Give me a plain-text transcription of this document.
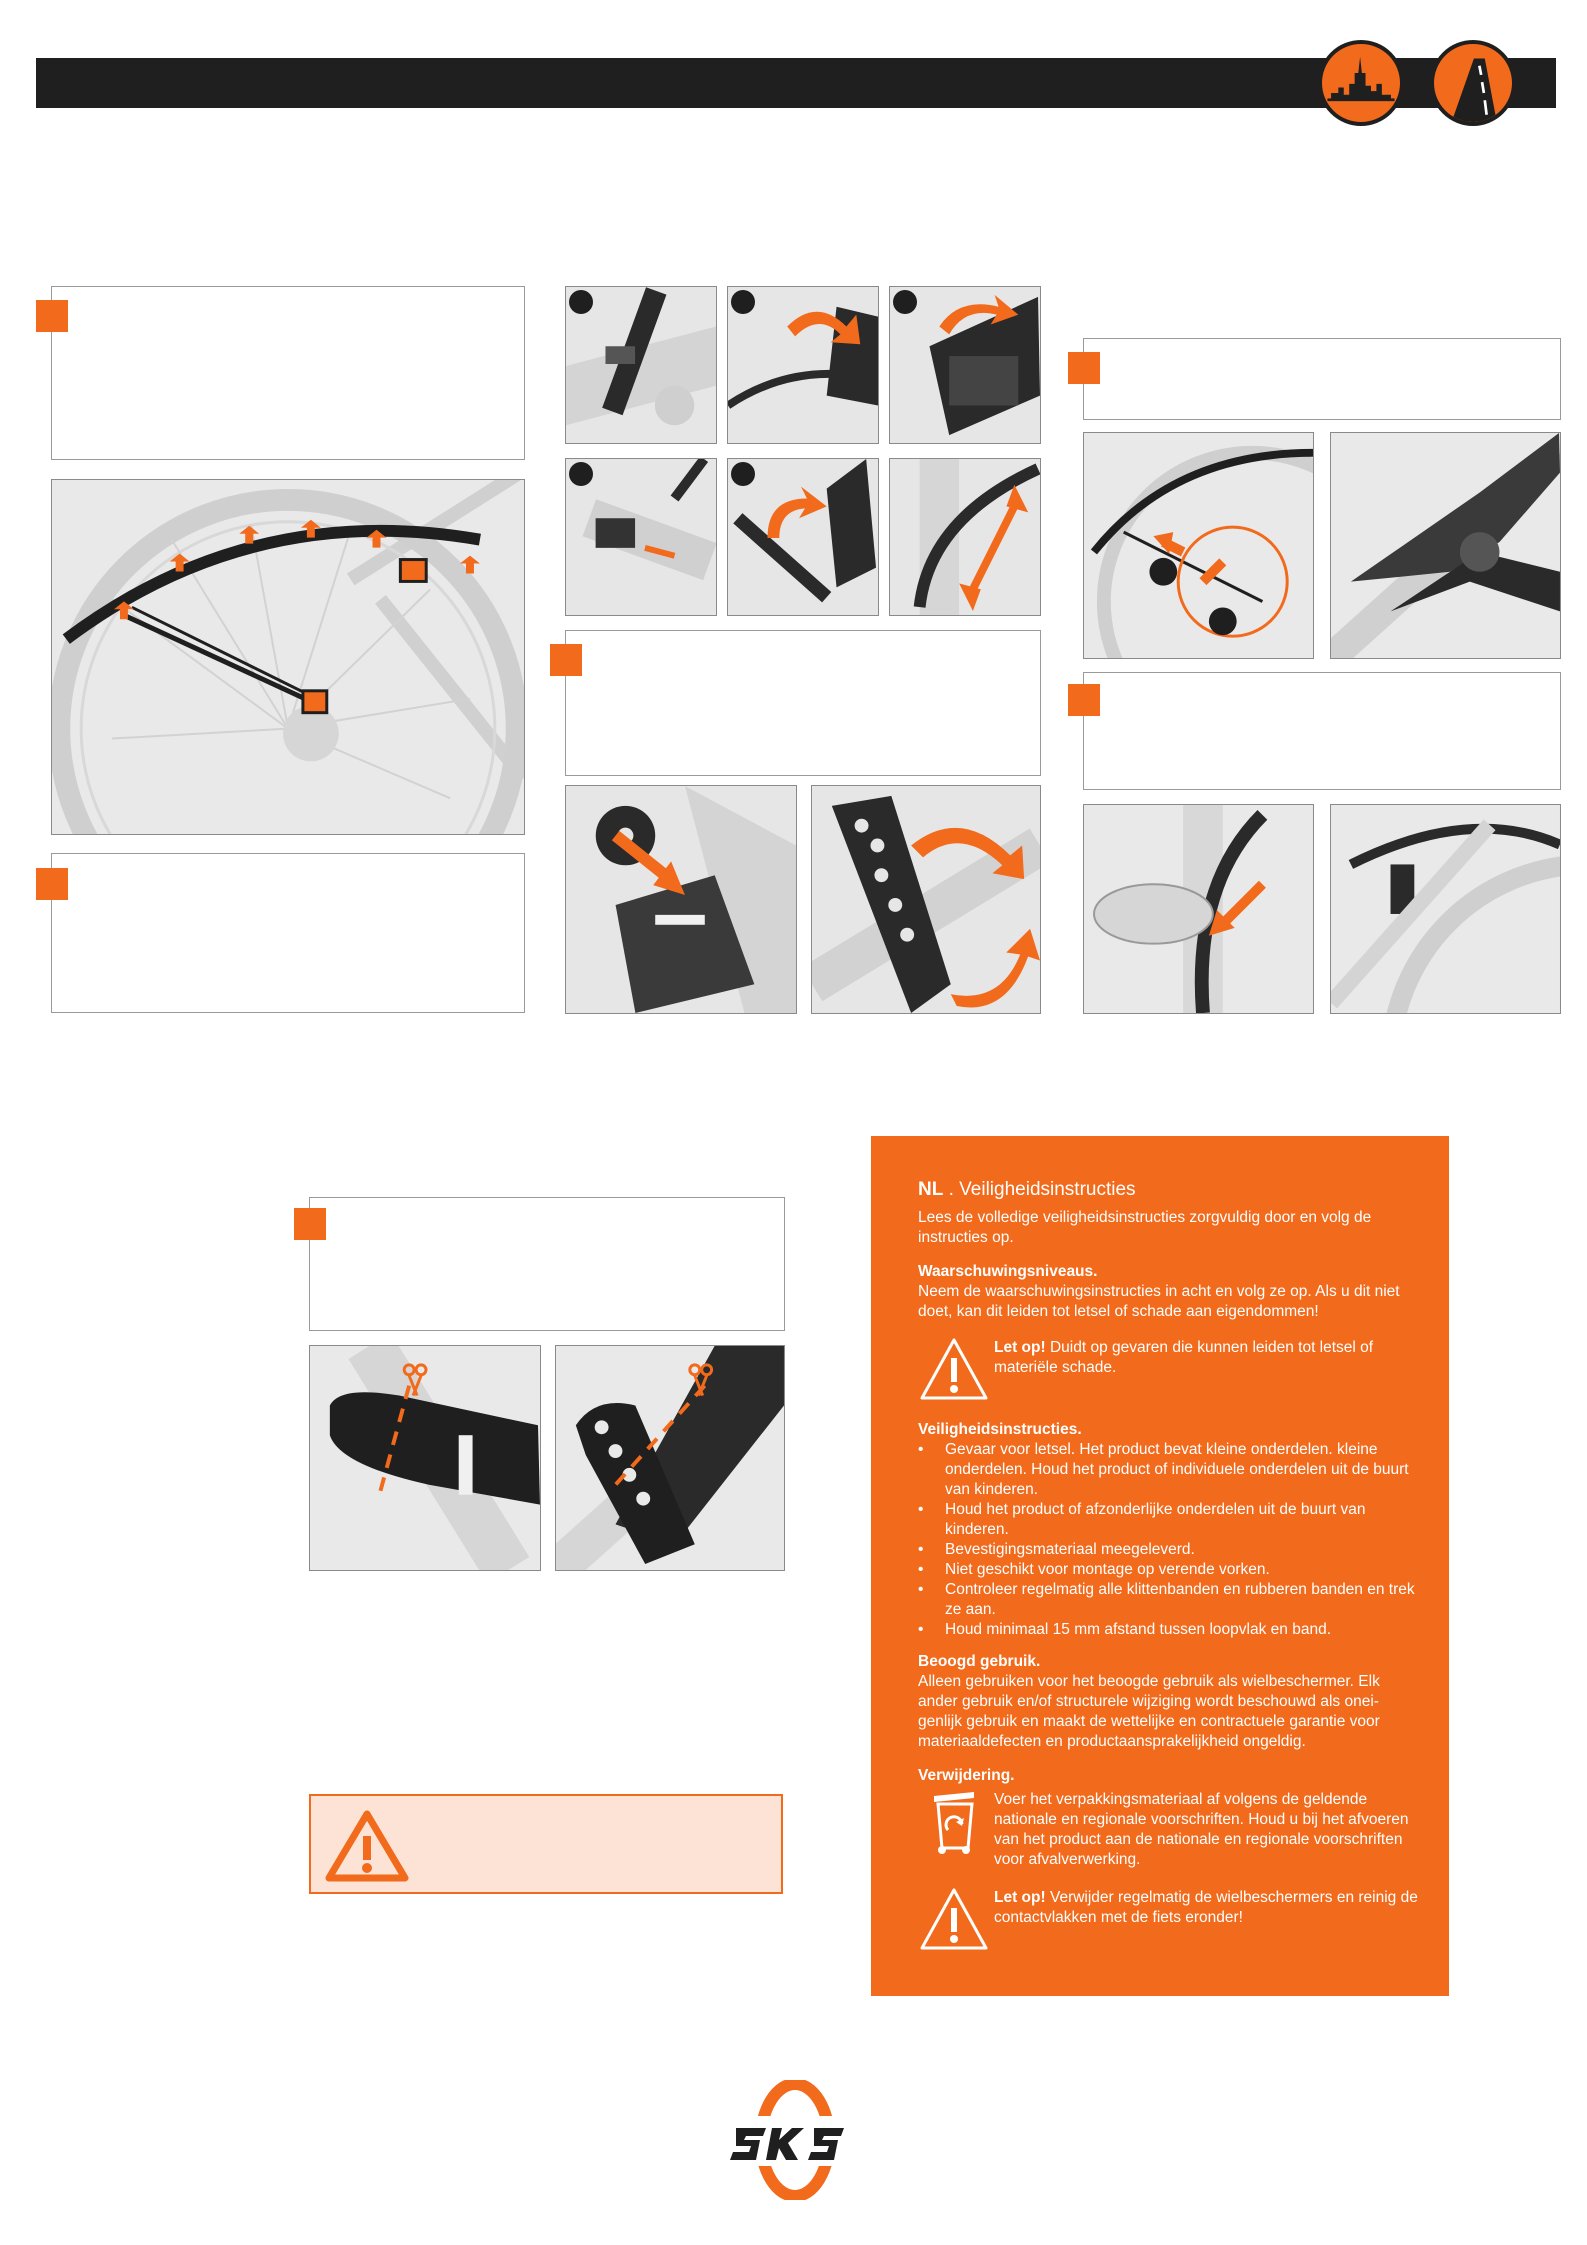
NL . Veiligheidsinstructies

Lees de volledige veiligheidsinstructies zorgvuldig door en volg de instructies op.

Waarschuwingsniveaus.

Neem de waarschuwingsinstructies in acht en volg ze op. Als u dit niet doet, kan dit leiden tot letsel of schade aan eigendommen!

Let op! Duidt op gevaren die kunnen leiden tot letsel of materiële schade.

Veiligheidsinstructies.

• Gevaar voor letsel. Het product bevat kleine onderdelen. kleine onderdelen. Houd het product of individuele onderdelen uit de buurt van kinderen.
• Houd het product of afzonderlijke onderdelen uit de buurt van kinderen.
• Bevestigingsmateriaal meegeleverd.
• Niet geschikt voor montage op verende vorken.
• Controleer regelmatig alle klittenbanden en rubberen banden en trek ze aan.
• Houd minimaal 15 mm afstand tussen loopvlak en band.

Beoogd gebruik.

Alleen gebruiken voor het beoogde gebruik als wielbeschermer. Elk ander gebruik en/of structurele wijziging wordt beschouwd als onei-genlijk gebruik en maakt de wettelijke en contractuele garantie voor materiaaldefecten en productaansprakelijkheid ongeldig.

Verwijdering.

Voer het verpakkingsmateriaal af volgens de geldende nationale en regionale voorschriften. Houd u bij het afvoeren van het product aan de nationale en regionale voorschriften voor afvalverwerking.
Let op! Verwijder regelmatig de wielbeschermers en reinig de contactvlakken met de fiets eronder!
